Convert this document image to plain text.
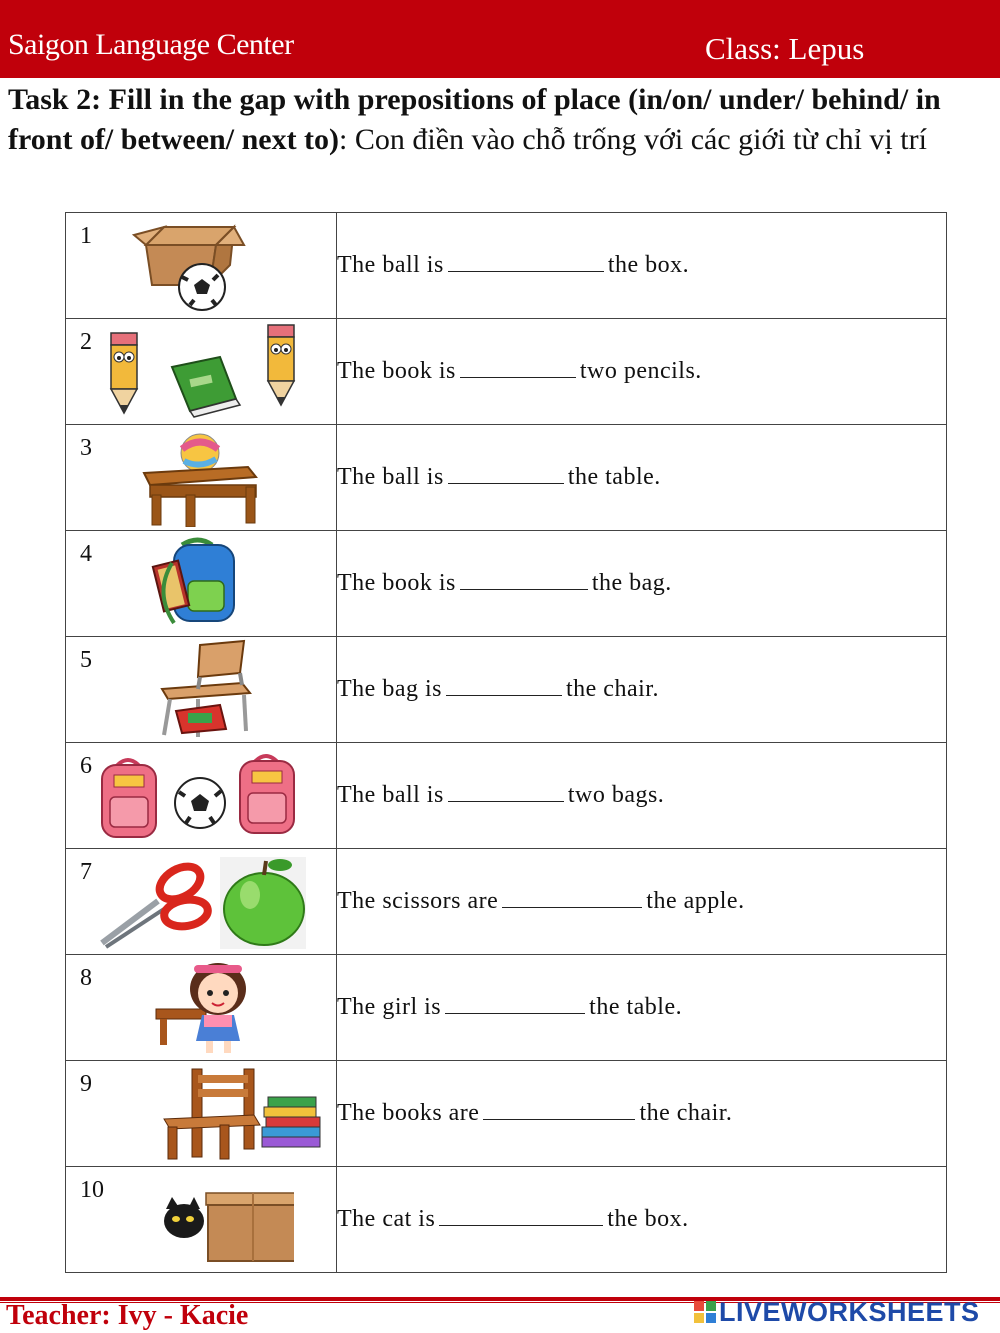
Saigon Language Center	Class: Lepus
Task 2: Fill in the gap with prepositions of place (in/on/ under/ behind/ in front of/ between/ next to): Con điền vào chỗ trống với các giới từ chỉ vị trí
1	The ball is the box.

2	The book is two pencils.

3	The ball is the table.

4	The book is the bag.

5	The bag is the chair.

6	The ball is two bags.

7	The scissors are the apple.

8	The girl is the table.

9	The books are the chair.

10	The cat is the box.
Teacher: Ivy - Kacie	LIVEWORKSHEETS
